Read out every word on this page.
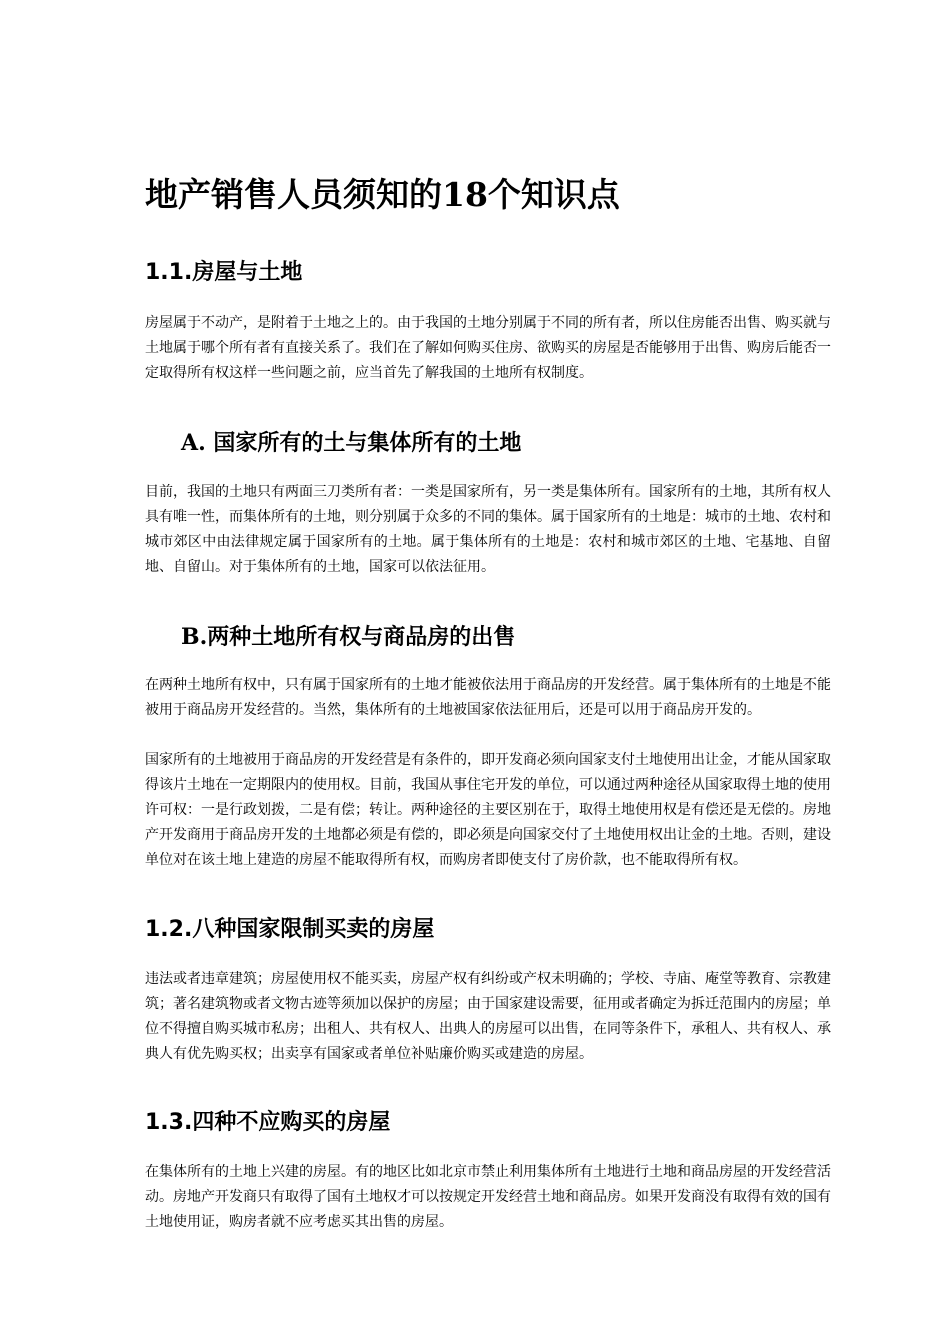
地产销售人员须知的18个知识点
1.1.房屋与土地
房屋属于不动产，是附着于土地之上的。由于我国的土地分别属于不同的所有者，所以住房能否出售、购买就与土地属于哪个所有者有直接关系了。我们在了解如何购买住房、欲购买的房屋是否能够用于出售、购房后能否一定取得所有权这样一些问题之前，应当首先了解我国的土地所有权制度。
A. 国家所有的土与集体所有的土地
目前，我国的土地只有两面三刀类所有者：一类是国家所有，另一类是集体所有。国家所有的土地，其所有权人具有唯一性，而集体所有的土地，则分别属于众多的不同的集体。属于国家所有的土地是：城市的土地、农村和城市郊区中由法律规定属于国家所有的土地。属于集体所有的土地是：农村和城市郊区的土地、宅基地、自留地、自留山。对于集体所有的土地，国家可以依法征用。
B.两种土地所有权与商品房的出售
在两种土地所有权中，只有属于国家所有的土地才能被依法用于商品房的开发经营。属于集体所有的土地是不能被用于商品房开发经营的。当然，集体所有的土地被国家依法征用后，还是可以用于商品房开发的。
国家所有的土地被用于商品房的开发经营是有条件的，即开发商必须向国家支付土地使用出让金，才能从国家取得该片土地在一定期限内的使用权。目前，我国从事住宅开发的单位，可以通过两种途径从国家取得土地的使用许可权：一是行政划拨，二是有偿；转让。两种途径的主要区别在于，取得土地使用权是有偿还是无偿的。房地产开发商用于商品房开发的土地都必须是有偿的，即必须是向国家交付了土地使用权出让金的土地。否则，建设单位对在该土地上建造的房屋不能取得所有权，而购房者即使支付了房价款，也不能取得所有权。
1.2.八种国家限制买卖的房屋
违法或者违章建筑；房屋使用权不能买卖，房屋产权有纠纷或产权未明确的；学校、寺庙、庵堂等教育、宗教建筑；著名建筑物或者文物古迹等须加以保护的房屋；由于国家建设需要，征用或者确定为拆迁范围内的房屋；单位不得擅自购买城市私房；出租人、共有权人、出典人的房屋可以出售，在同等条件下，承租人、共有权人、承典人有优先购买权；出卖享有国家或者单位补贴廉价购买或建造的房屋。
1.3.四种不应购买的房屋
在集体所有的土地上兴建的房屋。有的地区比如北京市禁止利用集体所有土地进行土地和商品房屋的开发经营活动。房地产开发商只有取得了国有土地权才可以按规定开发经营土地和商品房。如果开发商没有取得有效的国有土地使用证，购房者就不应考虑买其出售的房屋。
